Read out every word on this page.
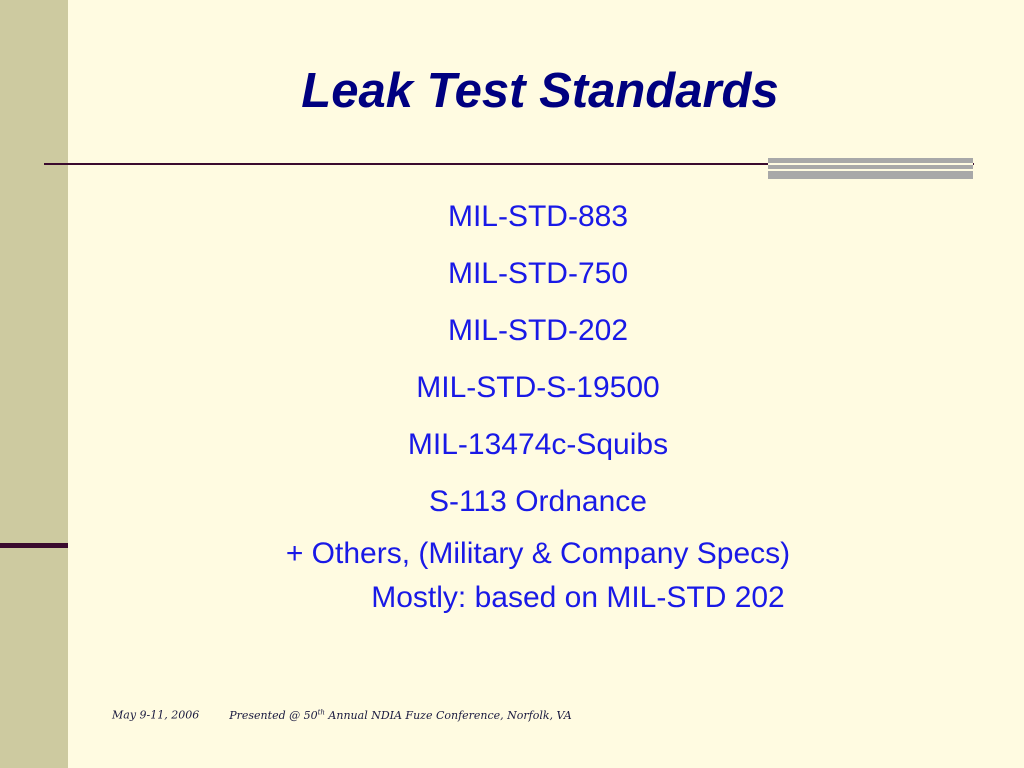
Leak Test Standards
MIL-STD-883
MIL-STD-750
MIL-STD-202
MIL-STD-S-19500
MIL-13474c-Squibs
S-113 Ordnance
+ Others, (Military & Company Specs)
Mostly: based on MIL-STD 202
May 9-11, 2006	Presented @ 50th Annual NDIA Fuze Conference, Norfolk, VA
